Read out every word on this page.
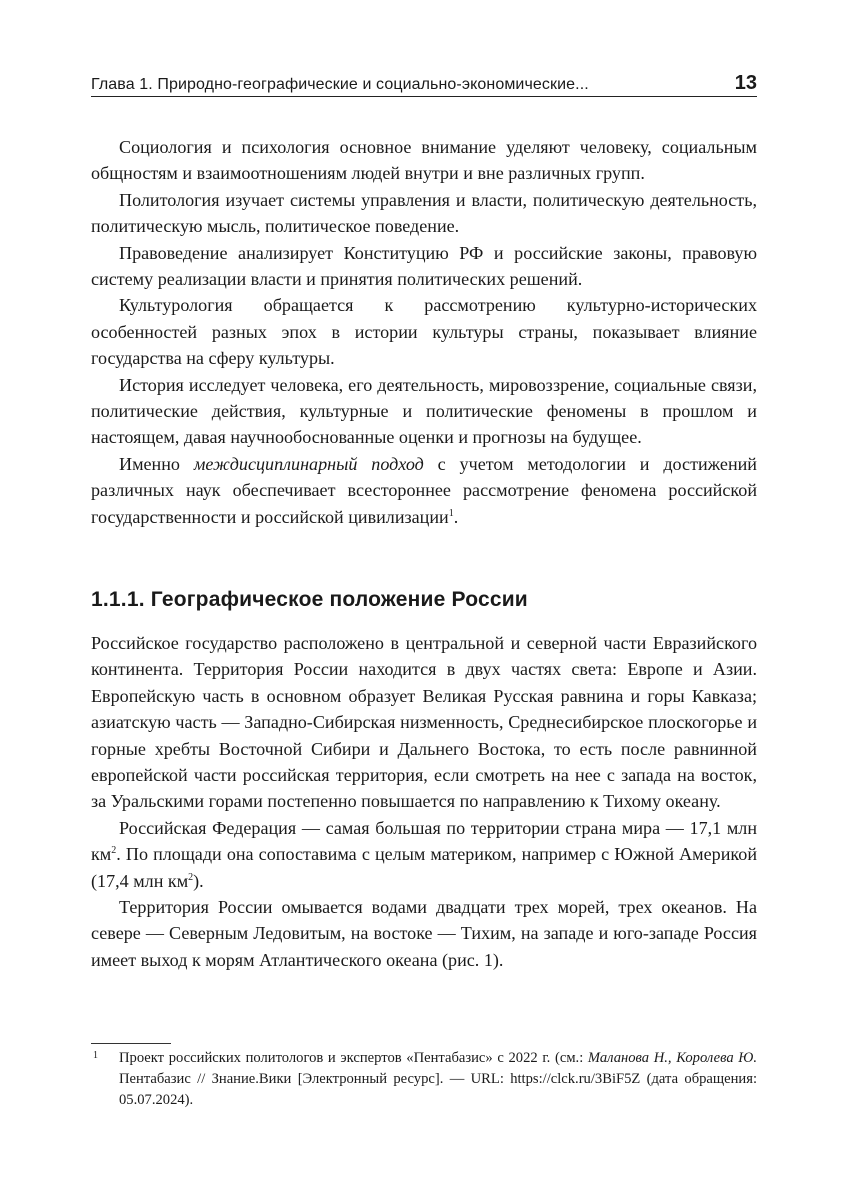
Глава 1. Природно-географические и социально-экономические...	13

Социология и психология основное внимание уделяют человеку, социальным общностям и взаимоотношениям людей внутри и вне различных групп.

Политология изучает системы управления и власти, политическую деятельность, политическую мысль, политическое поведение.

Правоведение анализирует Конституцию РФ и российские законы, правовую систему реализации власти и принятия политических решений.

Культурология обращается к рассмотрению культурно-исторических особенностей разных эпох в истории культуры страны, показывает влияние государства на сферу культуры.

История исследует человека, его деятельность, мировоззрение, социальные связи, политические действия, культурные и политические феномены в прошлом и настоящем, давая научнообоснованные оценки и прогнозы на будущее.

Именно междисциплинарный подход с учетом методологии и достижений различных наук обеспечивает всестороннее рассмотрение феномена российской государственности и российской цивилизации$^1$.

1.1.1. Географическое положение России

Российское государство расположено в центральной и северной части Евразийского континента. Территория России находится в двух частях света: Европе и Азии. Европейскую часть в основном образует Великая Русская равнина и горы Кавказа; азиатскую часть — Западно-Сибирская низменность, Среднесибирское плоскогорье и горные хребты Восточной Сибири и Дальнего Востока, то есть после равнинной европейской части российская территория, если смотреть на нее с запада на восток, за Уральскими горами постепенно повышается по направлению к Тихому океану.

Российская Федерация — самая большая по территории страна мира — 17,1 млн $км^2$. По площади она сопоставима с целым материком, например с Южной Америкой (17,4 млн $км^2$).

Территория России омывается водами двадцати трех морей, трех океанов. На севере — Северным Ледовитым, на востоке — Тихим, на западе и юго-западе Россия имеет выход к морям Атлантического океана (рис. 1).

1 Проект российских политологов и экспертов «Пентабазис» с 2022 г. (см.: Маланова Н., Королева Ю. Пентабазис // Знание.Вики [Электронный ресурс]. — URL: https://clck.ru/3BiF5Z (дата обращения: 05.07.2024).
